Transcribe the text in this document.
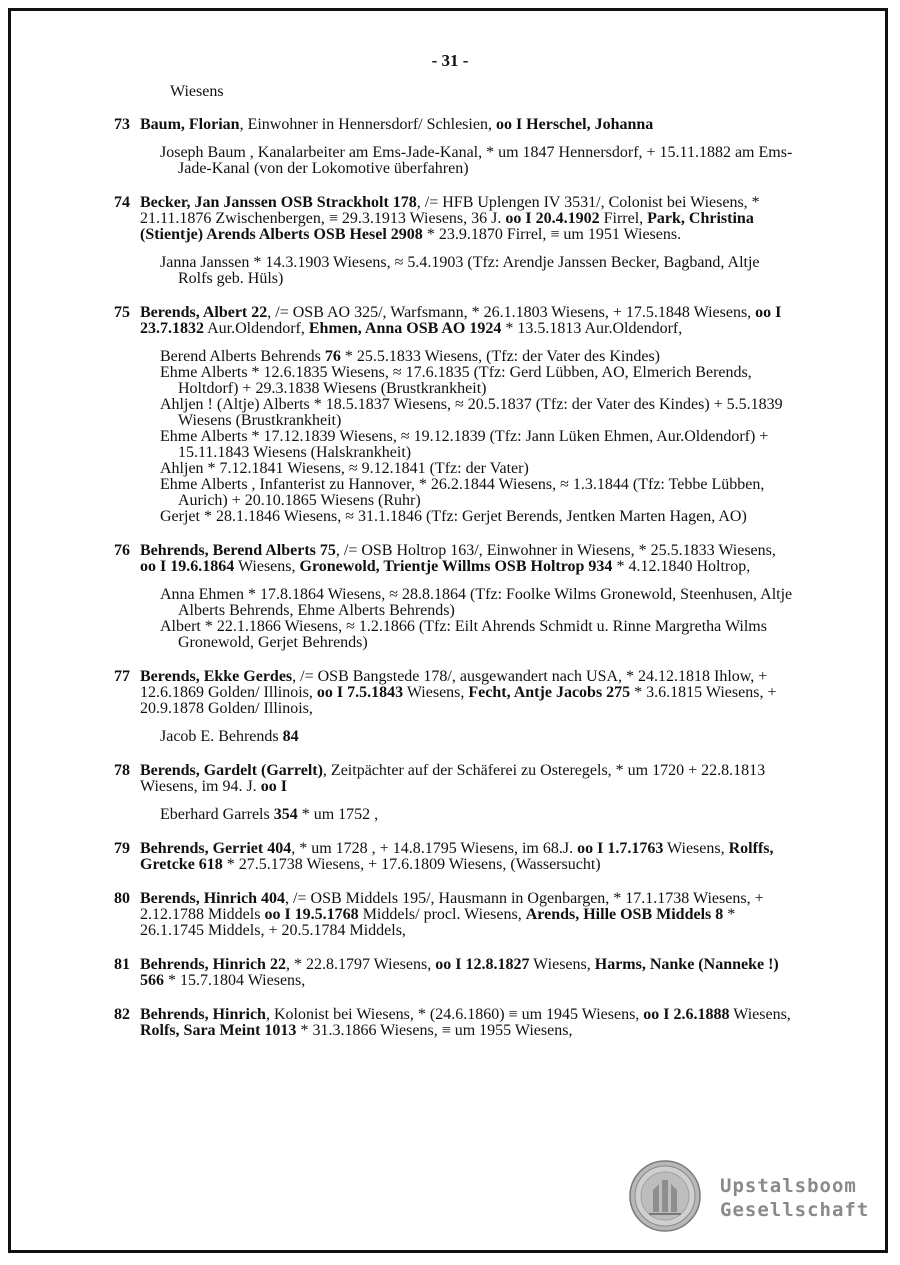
- 31 -
Wiesens
73 Baum, Florian, Einwohner in Hennersdorf/ Schlesien, oo I Herschel, Johanna
Joseph Baum , Kanalarbeiter am Ems-Jade-Kanal, * um 1847 Hennersdorf, + 15.11.1882 am Ems-Jade-Kanal (von der Lokomotive überfahren)
74 Becker, Jan Janssen OSB Strackholt 178, /= HFB Uplengen IV 3531/, Colonist bei Wiesens, * 21.11.1876 Zwischenbergen, ≡ 29.3.1913 Wiesens, 36 J. oo I 20.4.1902 Firrel, Park, Christina (Stientje) Arends Alberts OSB Hesel 2908 * 23.9.1870 Firrel, ≡ um 1951 Wiesens.
Janna Janssen * 14.3.1903 Wiesens, ≈ 5.4.1903 (Tfz: Arendje Janssen Becker, Bagband, Altje Rolfs geb. Hüls)
75 Berends, Albert 22, /= OSB AO 325/, Warfsmann, * 26.1.1803 Wiesens, + 17.5.1848 Wiesens, oo I 23.7.1832 Aur.Oldendorf, Ehmen, Anna OSB AO 1924 * 13.5.1813 Aur.Oldendorf,
Berend Alberts Behrends 76 * 25.5.1833 Wiesens, (Tfz: der Vater des Kindes)
Ehme Alberts * 12.6.1835 Wiesens, ≈ 17.6.1835 (Tfz: Gerd Lübben, AO, Elmerich Berends, Holtdorf) + 29.3.1838 Wiesens (Brustkrankheit)
Ahljen ! (Altje) Alberts * 18.5.1837 Wiesens, ≈ 20.5.1837 (Tfz: der Vater des Kindes) + 5.5.1839 Wiesens (Brustkrankheit)
Ehme Alberts * 17.12.1839 Wiesens, ≈ 19.12.1839 (Tfz: Jann Lüken Ehmen, Aur.Oldendorf) + 15.11.1843 Wiesens (Halskrankheit)
Ahljen * 7.12.1841 Wiesens, ≈ 9.12.1841 (Tfz: der Vater)
Ehme Alberts , Infanterist zu Hannover, * 26.2.1844 Wiesens, ≈ 1.3.1844 (Tfz: Tebbe Lübben, Aurich) + 20.10.1865 Wiesens (Ruhr)
Gerjet * 28.1.1846 Wiesens, ≈ 31.1.1846 (Tfz: Gerjet Berends, Jentken Marten Hagen, AO)
76 Behrends, Berend Alberts 75, /= OSB Holtrop 163/, Einwohner in Wiesens, * 25.5.1833 Wiesens, oo I 19.6.1864 Wiesens, Gronewold, Trientje Willms OSB Holtrop 934 * 4.12.1840 Holtrop,
Anna Ehmen * 17.8.1864 Wiesens, ≈ 28.8.1864 (Tfz: Foolke Wilms Gronewold, Steenhusen, Altje Alberts Behrends, Ehme Alberts Behrends)
Albert * 22.1.1866 Wiesens, ≈ 1.2.1866 (Tfz: Eilt Ahrends Schmidt u. Rinne Margretha Wilms Gronewold, Gerjet Behrends)
77 Berends, Ekke Gerdes, /= OSB Bangstede 178/, ausgewandert nach USA, * 24.12.1818 Ihlow, + 12.6.1869 Golden/ Illinois, oo I 7.5.1843 Wiesens, Fecht, Antje Jacobs 275 * 3.6.1815 Wiesens, + 20.9.1878 Golden/ Illinois,
Jacob E. Behrends 84
78 Berends, Gardelt (Garrelt), Zeitpächter auf der Schäferei zu Osteregels, * um 1720 + 22.8.1813 Wiesens, im 94. J. oo I
Eberhard Garrels 354 * um 1752 ,
79 Behrends, Gerriet 404, * um 1728 , + 14.8.1795 Wiesens, im 68.J. oo I 1.7.1763 Wiesens, Rolffs, Gretcke 618 * 27.5.1738 Wiesens, + 17.6.1809 Wiesens, (Wassersucht)
80 Berends, Hinrich 404, /= OSB Middels 195/, Hausmann in Ogenbargen, * 17.1.1738 Wiesens, + 2.12.1788 Middels oo I 19.5.1768 Middels/ procl. Wiesens, Arends, Hille OSB Middels 8 * 26.1.1745 Middels, + 20.5.1784 Middels,
81 Behrends, Hinrich 22, * 22.8.1797 Wiesens, oo I 12.8.1827 Wiesens, Harms, Nanke (Nanneke !) 566 * 15.7.1804 Wiesens,
82 Behrends, Hinrich, Kolonist bei Wiesens, * (24.6.1860) ≡ um 1945 Wiesens, oo I 2.6.1888 Wiesens, Rolfs, Sara Meint 1013 * 31.3.1866 Wiesens, ≡ um 1955 Wiesens,
Upstalsboom
Gesellschaft
